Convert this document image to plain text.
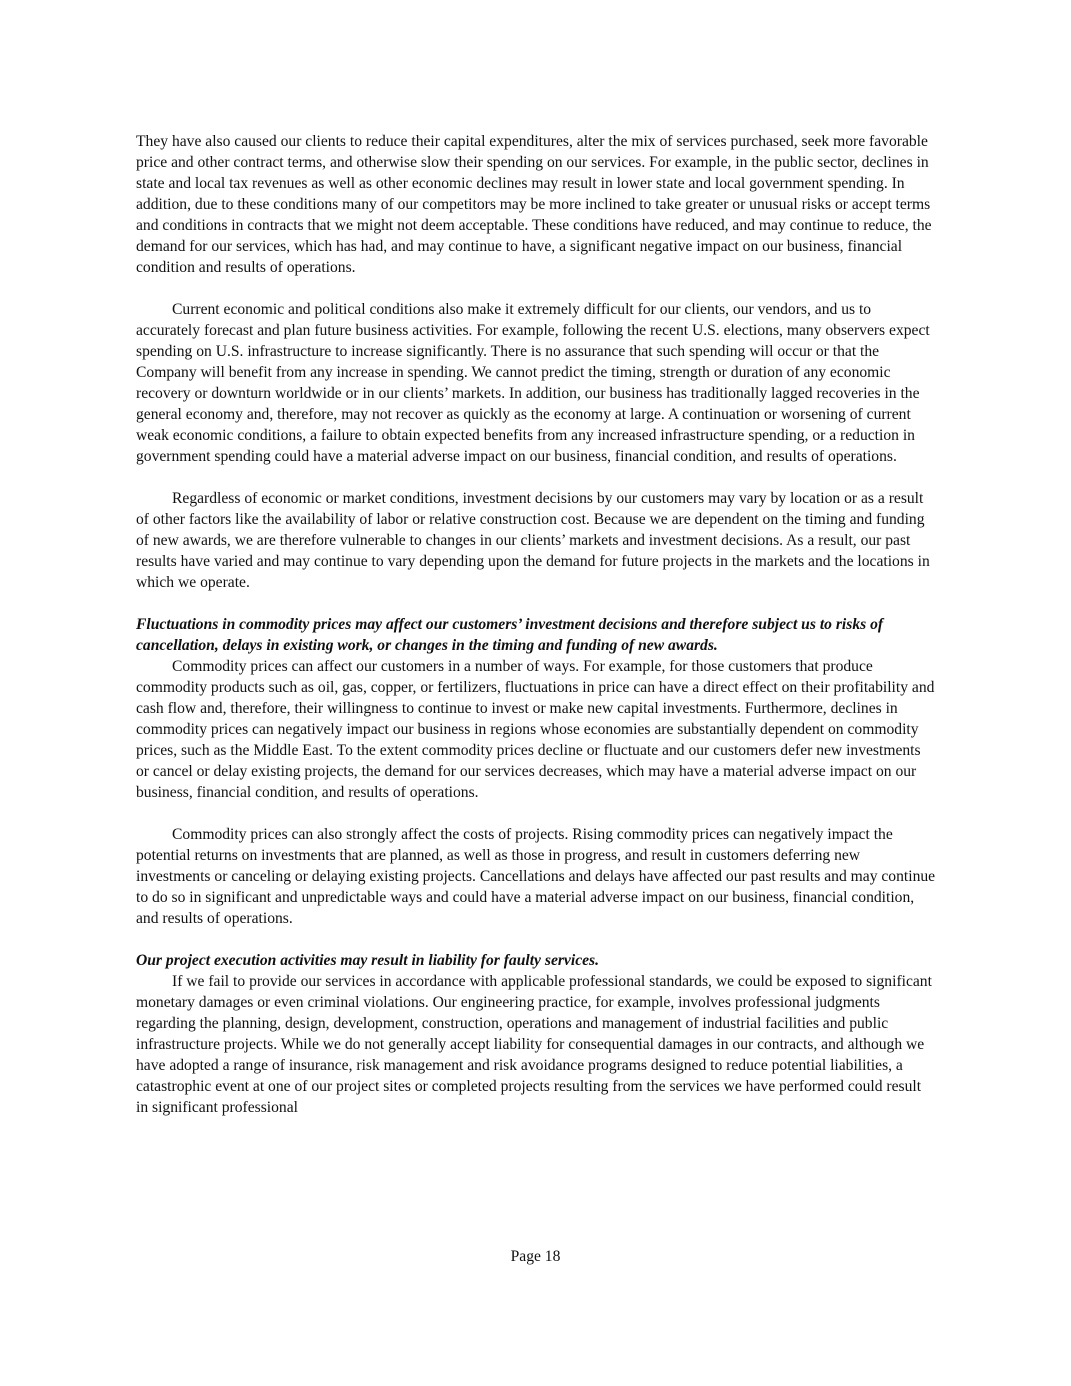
They have also caused our clients to reduce their capital expenditures, alter the mix of services purchased, seek more favorable price and other contract terms, and otherwise slow their spending on our services. For example, in the public sector, declines in state and local tax revenues as well as other economic declines may result in lower state and local government spending. In addition, due to these conditions many of our competitors may be more inclined to take greater or unusual risks or accept terms and conditions in contracts that we might not deem acceptable. These conditions have reduced, and may continue to reduce, the demand for our services, which has had, and may continue to have, a significant negative impact on our business, financial condition and results of operations.

Current economic and political conditions also make it extremely difficult for our clients, our vendors, and us to accurately forecast and plan future business activities. For example, following the recent U.S. elections, many observers expect spending on U.S. infrastructure to increase significantly. There is no assurance that such spending will occur or that the Company will benefit from any increase in spending. We cannot predict the timing, strength or duration of any economic recovery or downturn worldwide or in our clients’ markets. In addition, our business has traditionally lagged recoveries in the general economy and, therefore, may not recover as quickly as the economy at large. A continuation or worsening of current weak economic conditions, a failure to obtain expected benefits from any increased infrastructure spending, or a reduction in government spending could have a material adverse impact on our business, financial condition, and results of operations.

Regardless of economic or market conditions, investment decisions by our customers may vary by location or as a result of other factors like the availability of labor or relative construction cost. Because we are dependent on the timing and funding of new awards, we are therefore vulnerable to changes in our clients’ markets and investment decisions. As a result, our past results have varied and may continue to vary depending upon the demand for future projects in the markets and the locations in which we operate.

Fluctuations in commodity prices may affect our customers’ investment decisions and therefore subject us to risks of cancellation, delays in existing work, or changes in the timing and funding of new awards.

Commodity prices can affect our customers in a number of ways. For example, for those customers that produce commodity products such as oil, gas, copper, or fertilizers, fluctuations in price can have a direct effect on their profitability and cash flow and, therefore, their willingness to continue to invest or make new capital investments. Furthermore, declines in commodity prices can negatively impact our business in regions whose economies are substantially dependent on commodity prices, such as the Middle East. To the extent commodity prices decline or fluctuate and our customers defer new investments or cancel or delay existing projects, the demand for our services decreases, which may have a material adverse impact on our business, financial condition, and results of operations.

Commodity prices can also strongly affect the costs of projects. Rising commodity prices can negatively impact the potential returns on investments that are planned, as well as those in progress, and result in customers deferring new investments or canceling or delaying existing projects. Cancellations and delays have affected our past results and may continue to do so in significant and unpredictable ways and could have a material adverse impact on our business, financial condition, and results of operations.

Our project execution activities may result in liability for faulty services.

If we fail to provide our services in accordance with applicable professional standards, we could be exposed to significant monetary damages or even criminal violations. Our engineering practice, for example, involves professional judgments regarding the planning, design, development, construction, operations and management of industrial facilities and public infrastructure projects. While we do not generally accept liability for consequential damages in our contracts, and although we have adopted a range of insurance, risk management and risk avoidance programs designed to reduce potential liabilities, a catastrophic event at one of our project sites or completed projects resulting from the services we have performed could result in significant professional

Page 18
